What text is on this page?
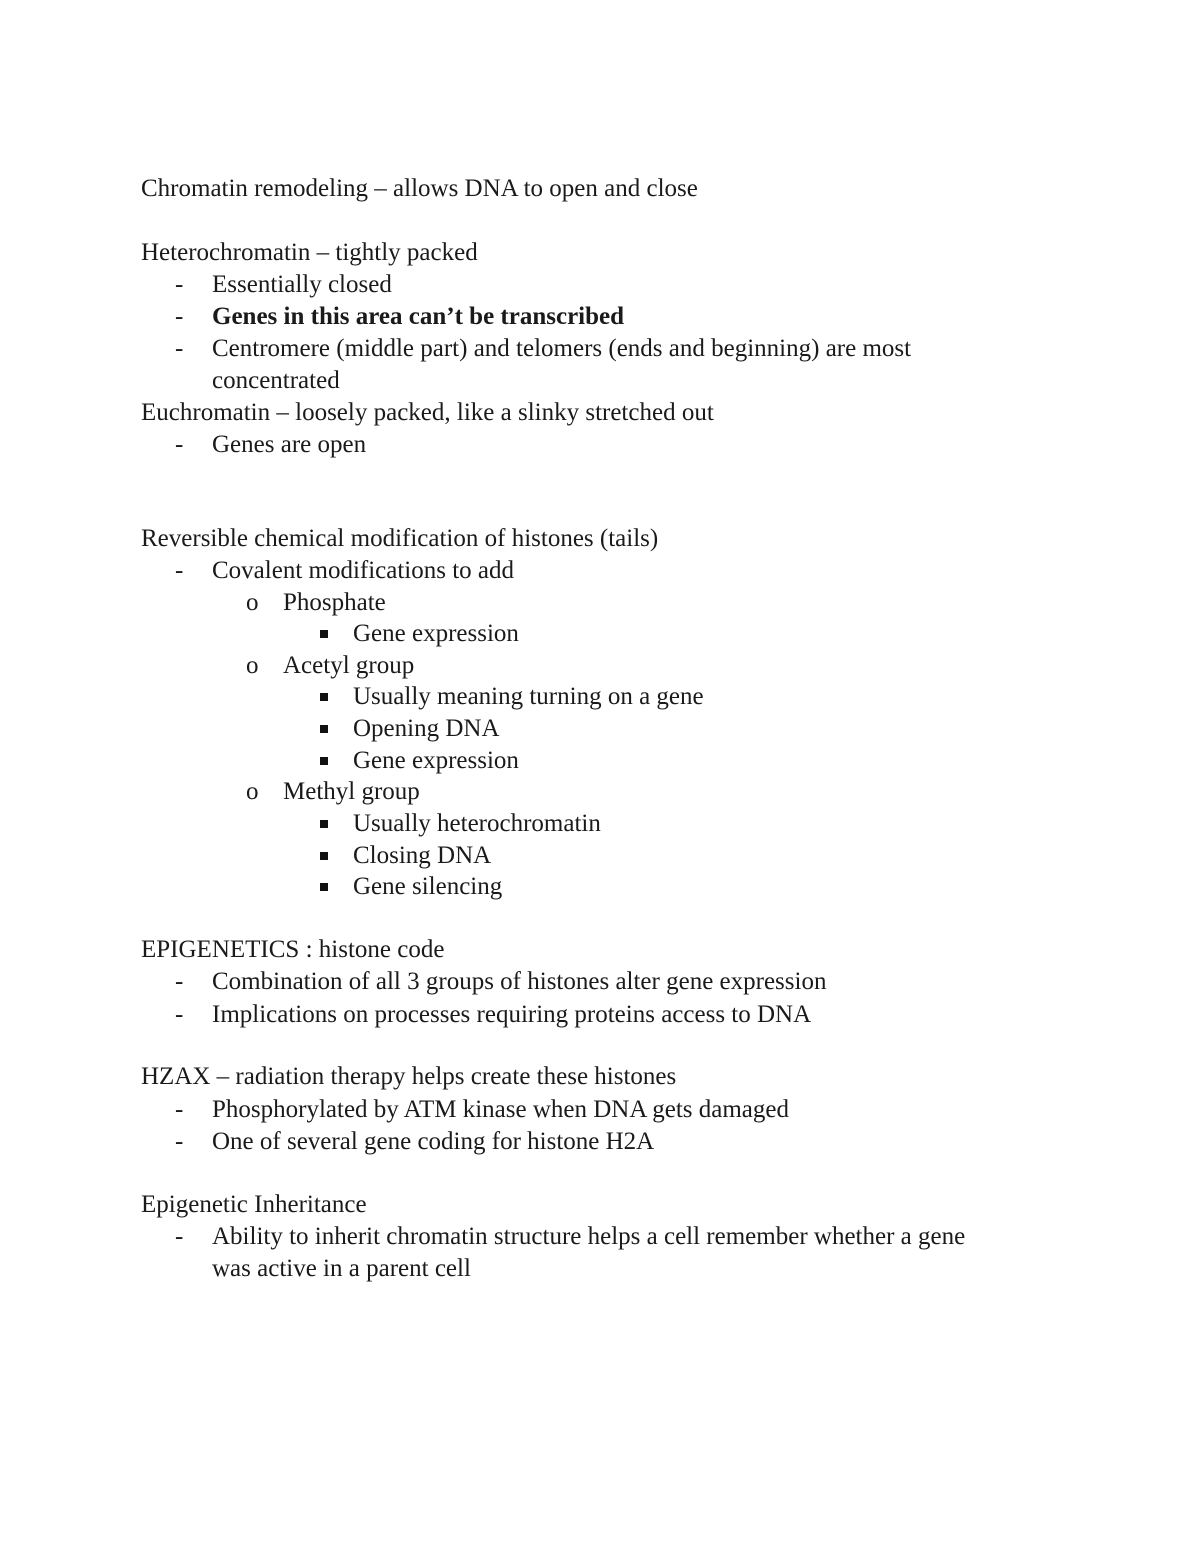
Chromatin remodeling – allows DNA to open and close
Heterochromatin – tightly packed
- Essentially closed
- Genes in this area can’t be transcribed
- Centromere (middle part) and telomers (ends and beginning) are most
concentrated
Euchromatin – loosely packed, like a slinky stretched out
- Genes are open
Reversible chemical modification of histones (tails)
- Covalent modifications to add
o Phosphate
Gene expression
o Acetyl group
Usually meaning turning on a gene
Opening DNA
Gene expression
o Methyl group
Usually heterochromatin
Closing DNA
Gene silencing
EPIGENETICS : histone code
- Combination of all 3 groups of histones alter gene expression
- Implications on processes requiring proteins access to DNA
HZAX – radiation therapy helps create these histones
- Phosphorylated by ATM kinase when DNA gets damaged
- One of several gene coding for histone H2A
Epigenetic Inheritance
- Ability to inherit chromatin structure helps a cell remember whether a gene
was active in a parent cell
